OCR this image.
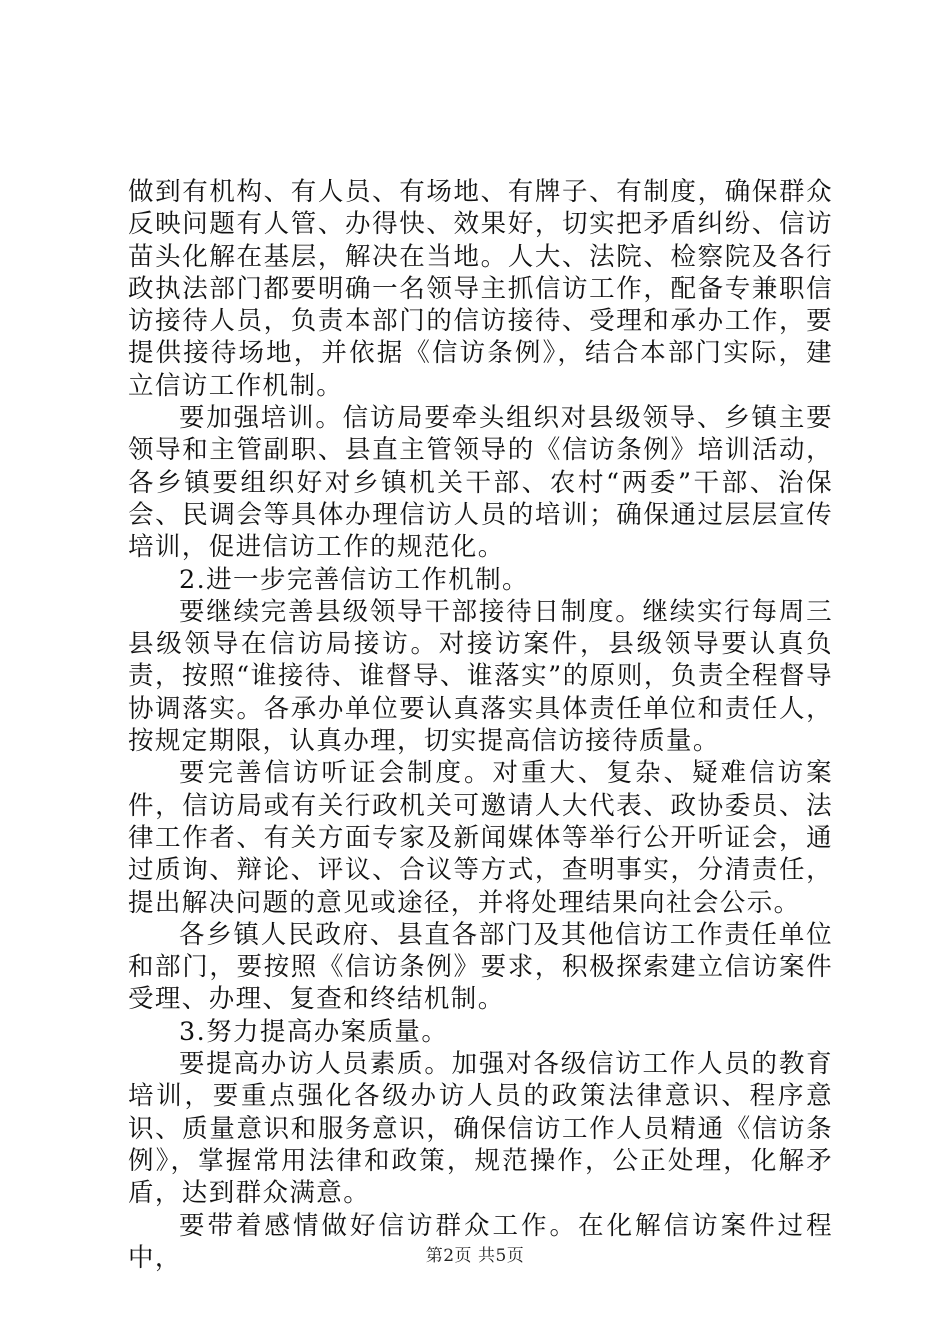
做到有机构、有人员、有场地、有牌子、有制度，确保群众反映问题有人管、办得快、效果好，切实把矛盾纠纷、信访苗头化解在基层，解决在当地。人大、法院、检察院及各行政执法部门都要明确一名领导主抓信访工作，配备专兼职信访接待人员，负责本部门的信访接待、受理和承办工作，要提供接待场地，并依据《信访条例》，结合本部门实际，建立信访工作机制。

要加强培训。信访局要牵头组织对县级领导、乡镇主要领导和主管副职、县直主管领导的《信访条例》培训活动，各乡镇要组织好对乡镇机关干部、农村“两委”干部、治保会、民调会等具体办理信访人员的培训；确保通过层层宣传培训，促进信访工作的规范化。

2.进一步完善信访工作机制。

要继续完善县级领导干部接待日制度。继续实行每周三县级领导在信访局接访。对接访案件，县级领导要认真负责，按照“谁接待、谁督导、谁落实”的原则，负责全程督导协调落实。各承办单位要认真落实具体责任单位和责任人，按规定期限，认真办理，切实提高信访接待质量。

要完善信访听证会制度。对重大、复杂、疑难信访案件，信访局或有关行政机关可邀请人大代表、政协委员、法律工作者、有关方面专家及新闻媒体等举行公开听证会，通过质询、辩论、评议、合议等方式，查明事实，分清责任，提出解决问题的意见或途径，并将处理结果向社会公示。

各乡镇人民政府、县直各部门及其他信访工作责任单位和部门，要按照《信访条例》要求，积极探索建立信访案件受理、办理、复查和终结机制。

3.努力提高办案质量。

要提高办访人员素质。加强对各级信访工作人员的教育培训，要重点强化各级办访人员的政策法律意识、程序意识、质量意识和服务意识，确保信访工作人员精通《信访条例》，掌握常用法律和政策，规范操作，公正处理，化解矛盾，达到群众满意。

要带着感情做好信访群众工作。在化解信访案件过程中，	第2页 共5页
